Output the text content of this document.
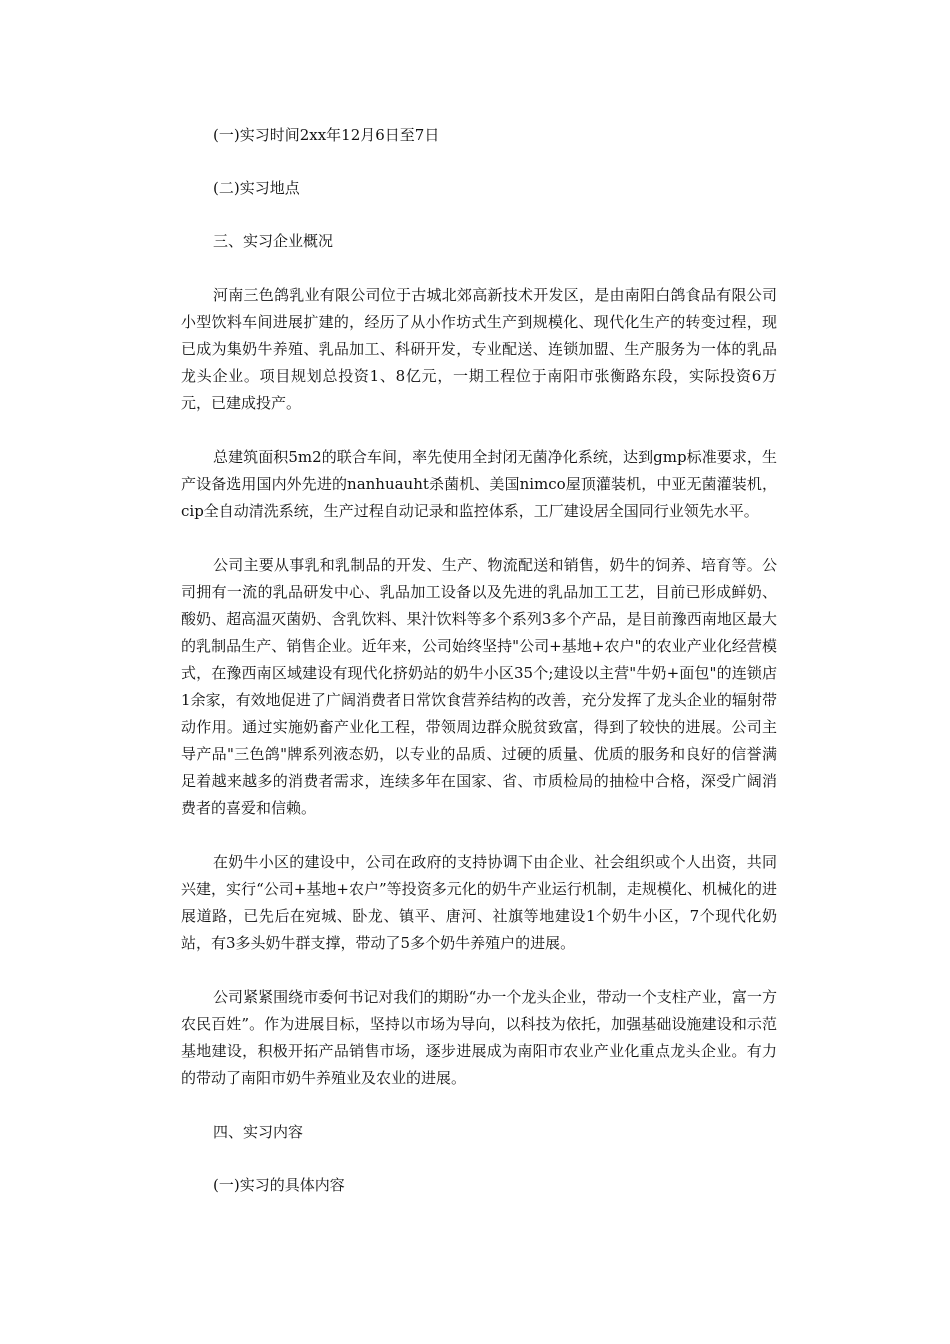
(一)实习时间2xx年12月6日至7日

(二)实习地点

三、实习企业概况

河南三色鸽乳业有限公司位于古城北郊高新技术开发区，是由南阳白鸽食品有限公司小型饮料车间进展扩建的，经历了从小作坊式生产到规模化、现代化生产的转变过程，现已成为集奶牛养殖、乳品加工、科研开发，专业配送、连锁加盟、生产服务为一体的乳品龙头企业。项目规划总投资1、8亿元，一期工程位于南阳市张衡路东段，实际投资6万元，已建成投产。

总建筑面积5m2的联合车间，率先使用全封闭无菌净化系统，达到gmp标准要求，生产设备选用国内外先进的nanhuauht杀菌机、美国nimco屋顶灌装机，中亚无菌灌装机，cip全自动清洗系统，生产过程自动记录和监控体系，工厂建设居全国同行业领先水平。

公司主要从事乳和乳制品的开发、生产、物流配送和销售，奶牛的饲养、培育等。公司拥有一流的乳品研发中心、乳品加工设备以及先进的乳品加工工艺，目前已形成鲜奶、酸奶、超高温灭菌奶、含乳饮料、果汁饮料等多个系列3多个产品，是目前豫西南地区最大的乳制品生产、销售企业。近年来，公司始终坚持"公司+基地+农户"的农业产业化经营模式，在豫西南区域建设有现代化挤奶站的奶牛小区35个;建设以主营"牛奶+面包"的连锁店1余家，有效地促进了广阔消费者日常饮食营养结构的改善，充分发挥了龙头企业的辐射带动作用。通过实施奶畜产业化工程，带领周边群众脱贫致富，得到了较快的进展。公司主导产品"三色鸽"牌系列液态奶，以专业的品质、过硬的质量、优质的服务和良好的信誉满足着越来越多的消费者需求，连续多年在国家、省、市质检局的抽检中合格，深受广阔消费者的喜爱和信赖。

在奶牛小区的建设中，公司在政府的支持协调下由企业、社会组织或个人出资，共同兴建，实行“公司+基地+农户”等投资多元化的奶牛产业运行机制，走规模化、机械化的进展道路，已先后在宛城、卧龙、镇平、唐河、社旗等地建设1个奶牛小区，7个现代化奶站，有3多头奶牛群支撑，带动了5多个奶牛养殖户的进展。

公司紧紧围绕市委何书记对我们的期盼“办一个龙头企业，带动一个支柱产业，富一方农民百姓”。作为进展目标，坚持以市场为导向，以科技为依托，加强基础设施建设和示范基地建设，积极开拓产品销售市场，逐步进展成为南阳市农业产业化重点龙头企业。有力的带动了南阳市奶牛养殖业及农业的进展。

四、实习内容

(一)实习的具体内容
